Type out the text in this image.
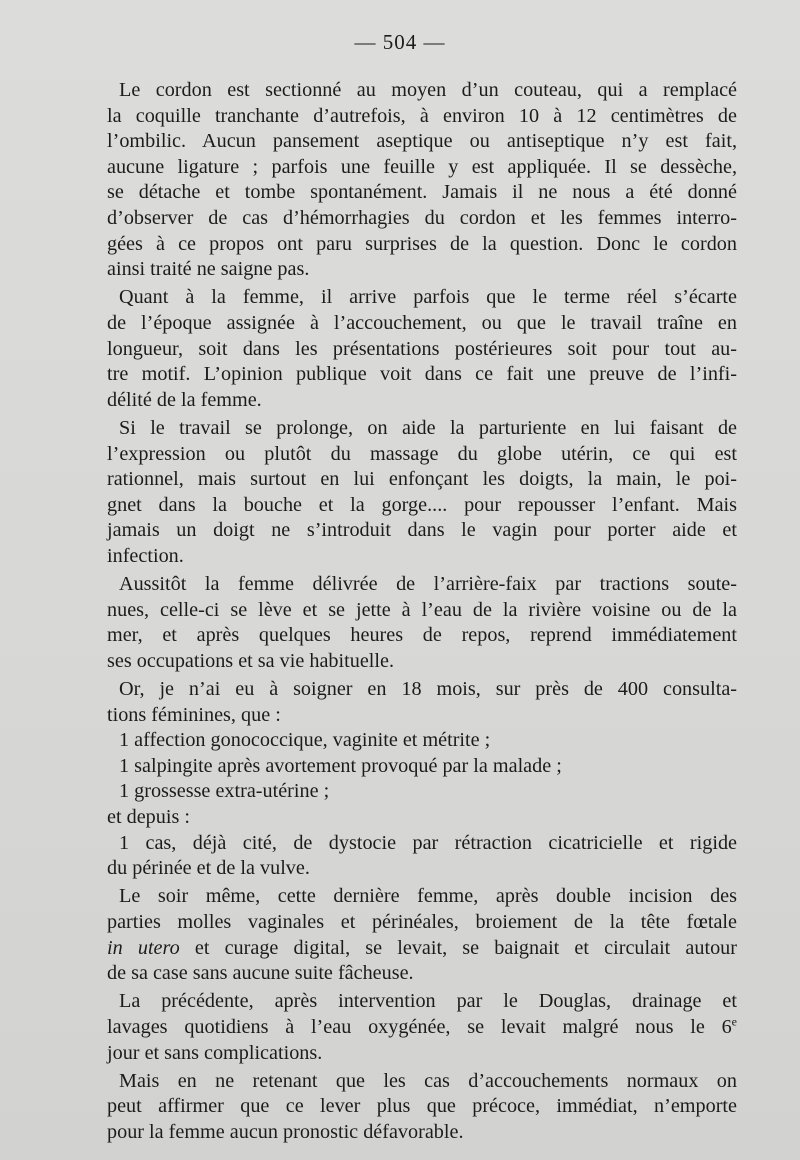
— 504 —
Le cordon est sectionné au moyen d’un couteau, qui a remplacé
la coquille tranchante d’autrefois, à environ 10 à 12 centimètres de
l’ombilic. Aucun pansement aseptique ou antiseptique n’y est fait,
aucune ligature ; parfois une feuille y est appliquée. Il se dessèche,
se détache et tombe spontanément. Jamais il ne nous a été donné
d’observer de cas d’hémorrhagies du cordon et les femmes interro-
gées à ce propos ont paru surprises de la question. Donc le cordon
ainsi traité ne saigne pas.
Quant à la femme, il arrive parfois que le terme réel s’écarte
de l’époque assignée à l’accouchement, ou que le travail traîne en
longueur, soit dans les présentations postérieures soit pour tout au-
tre motif. L’opinion publique voit dans ce fait une preuve de l’infi-
délité de la femme.
Si le travail se prolonge, on aide la parturiente en lui faisant de
l’expression ou plutôt du massage du globe utérin, ce qui est
rationnel, mais surtout en lui enfonçant les doigts, la main, le poi-
gnet dans la bouche et la gorge.... pour repousser l’enfant. Mais
jamais un doigt ne s’introduit dans le vagin pour porter aide et
infection.
Aussitôt la femme délivrée de l’arrière-faix par tractions soute-
nues, celle-ci se lève et se jette à l’eau de la rivière voisine ou de la
mer, et après quelques heures de repos, reprend immédiatement
ses occupations et sa vie habituelle.
Or, je n’ai eu à soigner en 18 mois, sur près de 400 consulta-
tions féminines, que :
1 affection gonococcique, vaginite et métrite ;
1 salpingite après avortement provoqué par la malade ;
1 grossesse extra-utérine ;
et depuis :
1 cas, déjà cité, de dystocie par rétraction cicatricielle et rigide
du périnée et de la vulve.
Le soir même, cette dernière femme, après double incision des
parties molles vaginales et périnéales, broiement de la tête fœtale
in utero et curage digital, se levait, se baignait et circulait autour
de sa case sans aucune suite fâcheuse.
La précédente, après intervention par le Douglas, drainage et
lavages quotidiens à l’eau oxygénée, se levait malgré nous le 6e
jour et sans complications.
Mais en ne retenant que les cas d’accouchements normaux on
peut affirmer que ce lever plus que précoce, immédiat, n’emporte
pour la femme aucun pronostic défavorable.
